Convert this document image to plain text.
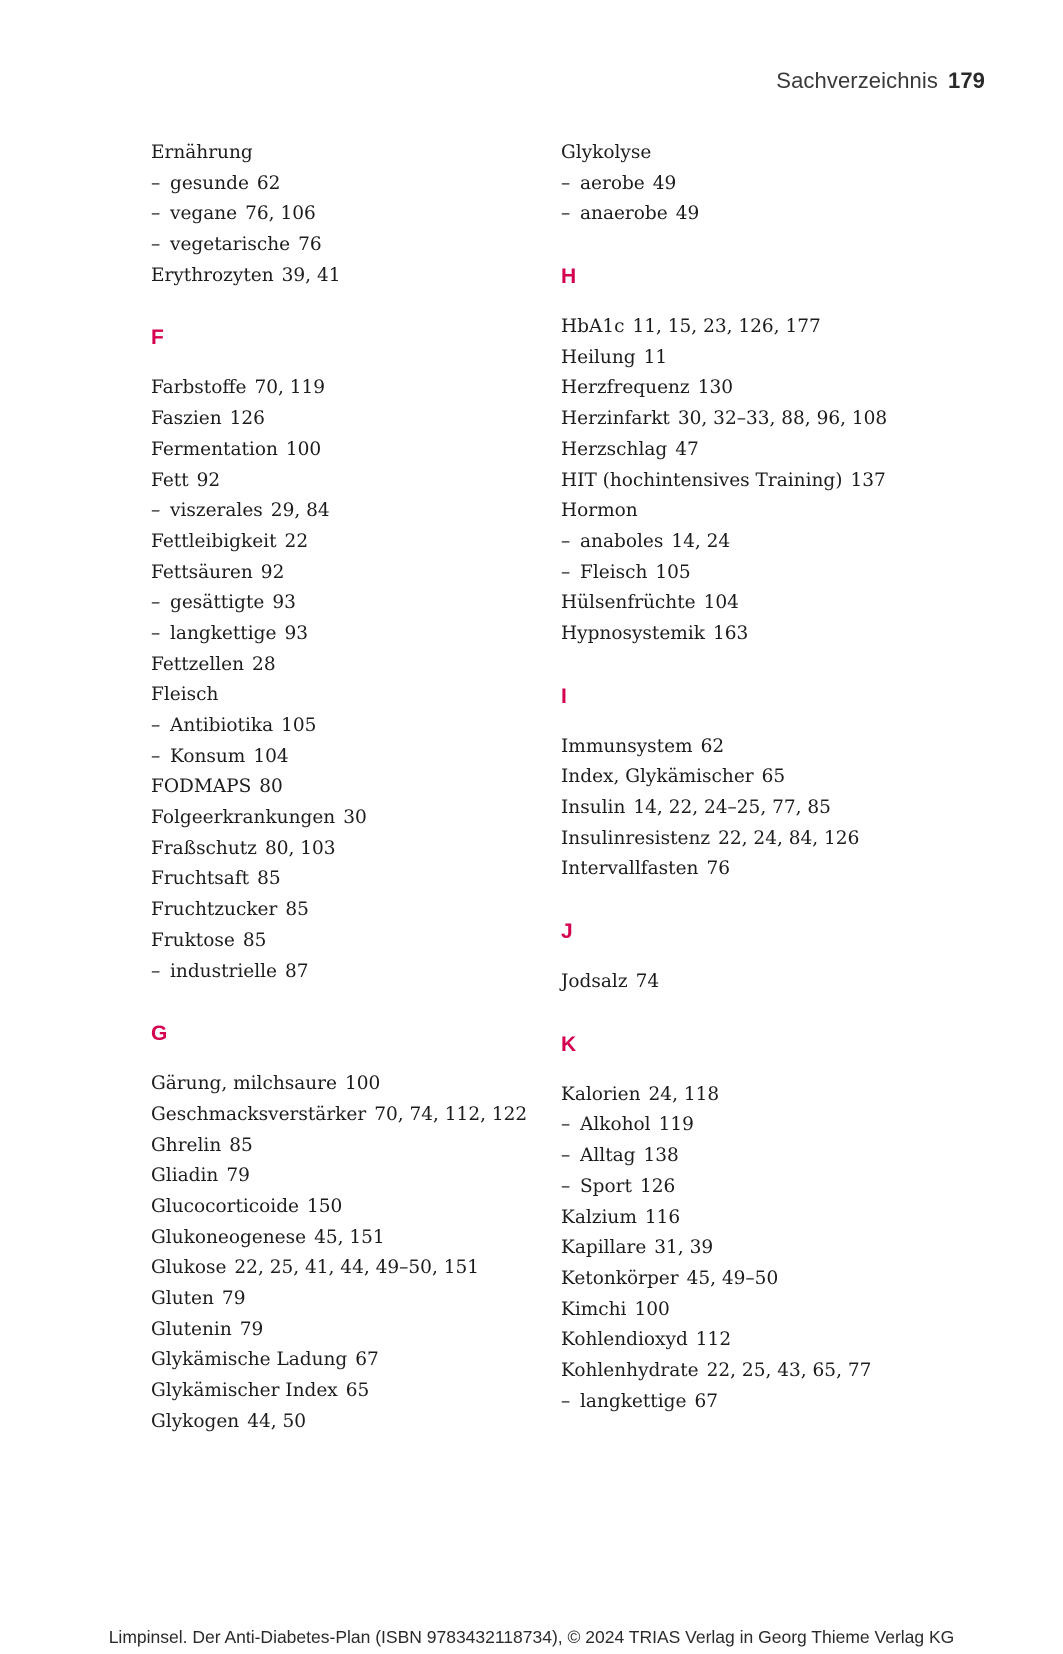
Sachverzeichnis 179
Ernährung
– gesunde 62
– vegane 76, 106
– vegetarische 76
Erythrozyten 39, 41
F
Farbstoffe 70, 119
Faszien 126
Fermentation 100
Fett 92
– viszerales 29, 84
Fettleibigkeit 22
Fettsäuren 92
– gesättigte 93
– langkettige 93
Fettzellen 28
Fleisch
– Antibiotika 105
– Konsum 104
FODMAPS 80
Folgeerkrankungen 30
Fraßschutz 80, 103
Fruchtsaft 85
Fruchtzucker 85
Fruktose 85
– industrielle 87
G
Gärung, milchsaure 100
Geschmacksverstärker 70, 74, 112, 122
Ghrelin 85
Gliadin 79
Glucocorticoide 150
Glukoneogenese 45, 151
Glukose 22, 25, 41, 44, 49–50, 151
Gluten 79
Glutenin 79
Glykämische Ladung 67
Glykämischer Index 65
Glykogen 44, 50
Glykolyse
– aerobe 49
– anaerobe 49
H
HbA1c 11, 15, 23, 126, 177
Heilung 11
Herzfrequenz 130
Herzinfarkt 30, 32–33, 88, 96, 108
Herzschlag 47
HIT (hochintensives Training) 137
Hormon
– anaboles 14, 24
– Fleisch 105
Hülsenfrüchte 104
Hypnosystemik 163
I
Immunsystem 62
Index, Glykämischer 65
Insulin 14, 22, 24–25, 77, 85
Insulinresistenz 22, 24, 84, 126
Intervallfasten 76
J
Jodsalz 74
K
Kalorien 24, 118
– Alkohol 119
– Alltag 138
– Sport 126
Kalzium 116
Kapillare 31, 39
Ketonkörper 45, 49–50
Kimchi 100
Kohlendioxyd 112
Kohlenhydrate 22, 25, 43, 65, 77
– langkettige 67
Limpinsel. Der Anti-Diabetes-Plan (ISBN 9783432118734), © 2024 TRIAS Verlag in Georg Thieme Verlag KG
